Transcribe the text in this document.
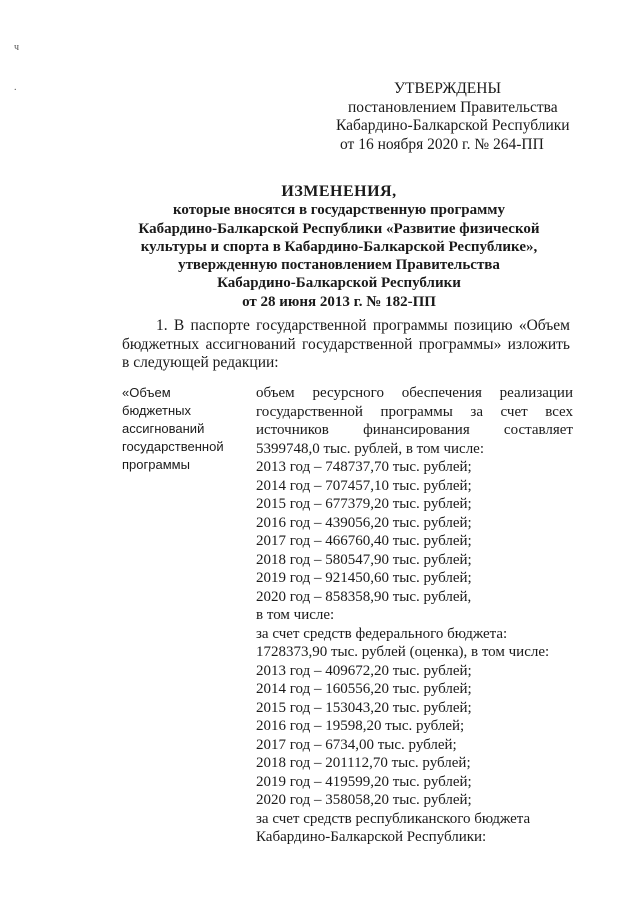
ч
.	УТВЕРЖДЕНЫ
постановлением Правительства
Кабардино-Балкарской Республики
от 16 ноября 2020 г. № 264-ПП
ИЗМЕНЕНИЯ,
которые вносятся в государственную программу
Кабардино-Балкарской Республики «Развитие физической
культуры и спорта в Кабардино-Балкарской Республике»,
утвержденную постановлением Правительства
Кабардино-Балкарской Республики
от 28 июня 2013 г. № 182-ПП
1. В паспорте государственной программы позицию «Объем бюджетных ассигнований государственной программы» изложить в следующей редакции:
«Объем
бюджетных
ассигнований
государственной
программы
объем ресурсного обеспечения реализации государственной программы за счет всех источников финансирования составляет 5399748,0 тыс. рублей, в том числе:
2013 год – 748737,70 тыс. рублей;
2014 год – 707457,10 тыс. рублей;
2015 год – 677379,20 тыс. рублей;
2016 год – 439056,20 тыс. рублей;
2017 год – 466760,40 тыс. рублей;
2018 год – 580547,90 тыс. рублей;
2019 год – 921450,60 тыс. рублей;
2020 год – 858358,90 тыс. рублей,
в том числе:
за счет средств федерального бюджета:
1728373,90 тыс. рублей (оценка), в том числе:
2013 год – 409672,20 тыс. рублей;
2014 год – 160556,20 тыс. рублей;
2015 год – 153043,20 тыс. рублей;
2016 год – 19598,20 тыс. рублей;
2017 год – 6734,00 тыс. рублей;
2018 год – 201112,70 тыс. рублей;
2019 год – 419599,20 тыс. рублей;
2020 год – 358058,20 тыс. рублей;
за счет средств республиканского бюджета
Кабардино-Балкарской Республики:
